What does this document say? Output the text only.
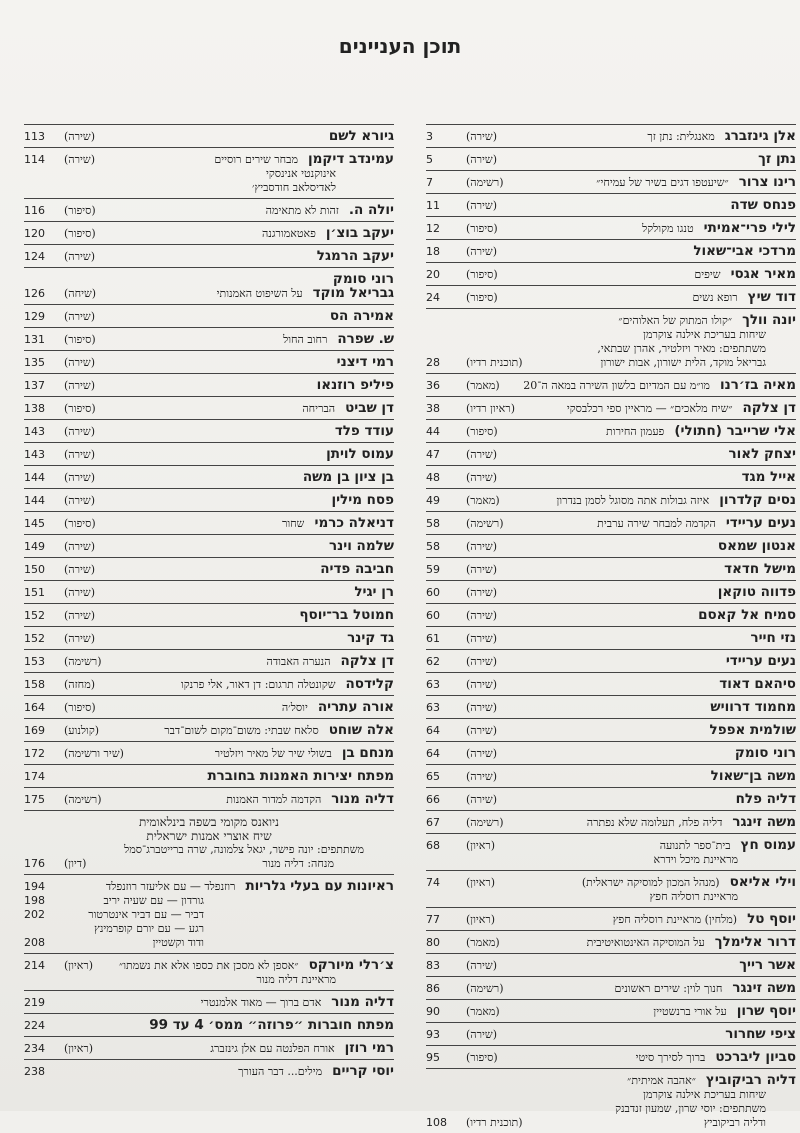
תוכן העניינים
אלן גינזברג
מאנגלית: נתן זך
(שירה)
3
נתן זך
(שירה)
5
רינו צרור
״שיעטפו דגים בשיר של עמיחי״
(רשימה)
7
פנחס שדה
(שירה)
11
לילי פרי־אמיתי
טנגו מקולקל
(סיפור)
12
מרדכי אבי־שאול
(שירה)
18
מאיר אגסי
שיפים
(סיפור)
20
דוד שיץ
רופא נשים
(סיפור)
24
יונה וולך
״קולו המתוק של האלוהים״
שיחות בעריכת אילנה צוקרמן
משתתפים: מאיר ויזלטיר, אהרן שבתאי,
גבריאל מוקד, הלית ישורון, אבות ישורון
(תוכנית רדיו)
28
מאיה בז׳רנו
מו״מ עם המדיום בלשון השירה במאה ה־20
(מאמר)
36
דן צלקה
״שיח מלאכים״ — מראיין ספי רכלבסקי
(ראיון רדיו)
38
אלי שרייבר (חתולי)
פעמון החירות
(סיפור)
44
יצחק לאור
(שירה)
47
אייל מגד
(שירה)
48
נסים קלדרון
איזה גבולות אתה מסוגל לסמן בנדרון
(מאמר)
49
נעים עריידי
הקדמה למבחר שירה ערבית
(רשימה)
58
אנטון שמאס
(שירה)
58
מישל חדאד
(שירה)
59
פדווה טוקאן
(שירה)
60
סמיח אל קאסם
(שירה)
60
נזי חייר
(שירה)
61
נעים עריידי
(שירה)
62
סיהאם דאוד
(שירה)
63
מחמוד דרוויש
(שירה)
63
שולמית אפפל
(שירה)
64
רוני סומק
(שירה)
64
משה בן־שאול
(שירה)
65
דליה פלח
(שירה)
66
משה זינגר
דליה פלח, תעלומה שלא נפתרה
(רשימה)
67
עמוס חץ
בית־ספר לתנועה
(ראיון)
68
מראיינת מיכל וידרא
וילי אליאס
(מנהל המכון למוסיקה ישראלית)
(ראיון)
74
מראיינת רוסליה חפץ
יוסף טל
(מלחין) מראיינת רוסליה חפץ
(ראיון)
77
דרור אלימלך
על המוסיקה האינטואיטיבית
(מאמר)
80
אשר רייך
(שירה)
83
משה זינגר
חנוך לוין: שירים ראשונים
(רשימה)
86
יוסף שרון
על אורי ברנשטיין
(מאמר)
90
ציפי שחרור
(שירה)
93
סביון ליברכט
ברוך לסירך סיטי
(סיפור)
95
דליה רביקוביץ
״אהבה אמיתית״
שיחות בעריכת אילנה צוקרמן
משתתפים: יוסי שרון, שמעון זנדבנק
ודליה רביקוביץ
(תוכנית רדיו)
108
גיורא לשם
(שירה)
113
עמינדב דיקמן
מבחר שירים רוסיים
(שירה)
114
אינוקנטי אנינסקי
לאדיסלאב חודסביץ׳
יולה ה.
זהות לא מתאימה
(סיפור)
116
יעקב בוצ׳ן
פאטאמורגנה
(סיפור)
120
יעקב הרמגל
(שירה)
124
רוני סומק
גבריאל מוקד
על השיפוט האמנותי
(שיחה)
126
אמירה הס
(שירה)
129
ש. שפרה
רחוב החול
(סיפור)
131
רמי דיצני
(שירה)
135
פיליפ רוזנאו
(שירה)
137
דן שביט
הבריחה
(סיפור)
138
עודד פלד
(שירה)
143
עמוס לויתן
(שירה)
143
בן ציון בן משה
(שירה)
144
פסח מילין
(שירה)
144
דניאלה כרמי
שחור
(סיפור)
145
שלמה וינר
(שירה)
149
חביבה פדיה
(שירה)
150
רן יגיל
(שירה)
151
חמוטל בר־יוסף
(שירה)
152
גד קינר
(שירה)
152
דן צלקה
הנערה האבודה
(רשימה)
153
קלידסה
שקונטלה תרגום: דן דאור, אלי פרנקו
(מחזה)
158
אורה עתריה
יוסל׳ה
(סיפור)
164
אלה שוחט
סלאח שבתי: משום־מקום לשום־דבר
(קולנוע)
169
מנחם בן
בשולי שיר של מאיר ויזלטיר
(שיר ורשימה)
172
מפתח יצירות האמנות בחוברת
174
דליה מנור
הקדמה למדור האמנות
(רשימה)
175
ניואנס מקומי בשפה בינלאומית
שיח אוצרי אמנות ישראלית
משתתפים: יונה פישר, יגאל צלמונה, שרה ברייטברג־סמל
מנחה: דליה מנור
(דיון)
176
ראיונות עם בעלי גלריות
רוזנפלד — עם אליעזר רוזנפלד
194
גורדון — עם שעיה יריב
198
דביר — עם דביר אינטרטור
202
רגע — עם יורם קופרמינץ
ודוד וקשטיין
208
צ׳רלי מיורקס
״אספן לא מסכן את כספו אלא את נשמתו״
(ראיון)
214
מראיינת דליה מנור
דליה מנור
אדם ברוך — מאוד אלמנטרי
219
מפתח חוברות ״פרוזה״ ממס׳ 4 עד 99
224
רמי רוזן
אורח הפלנטה עם אלן גינזברג
(ראיון)
234
יוסי קריים
מילים... דבר העורך
238
